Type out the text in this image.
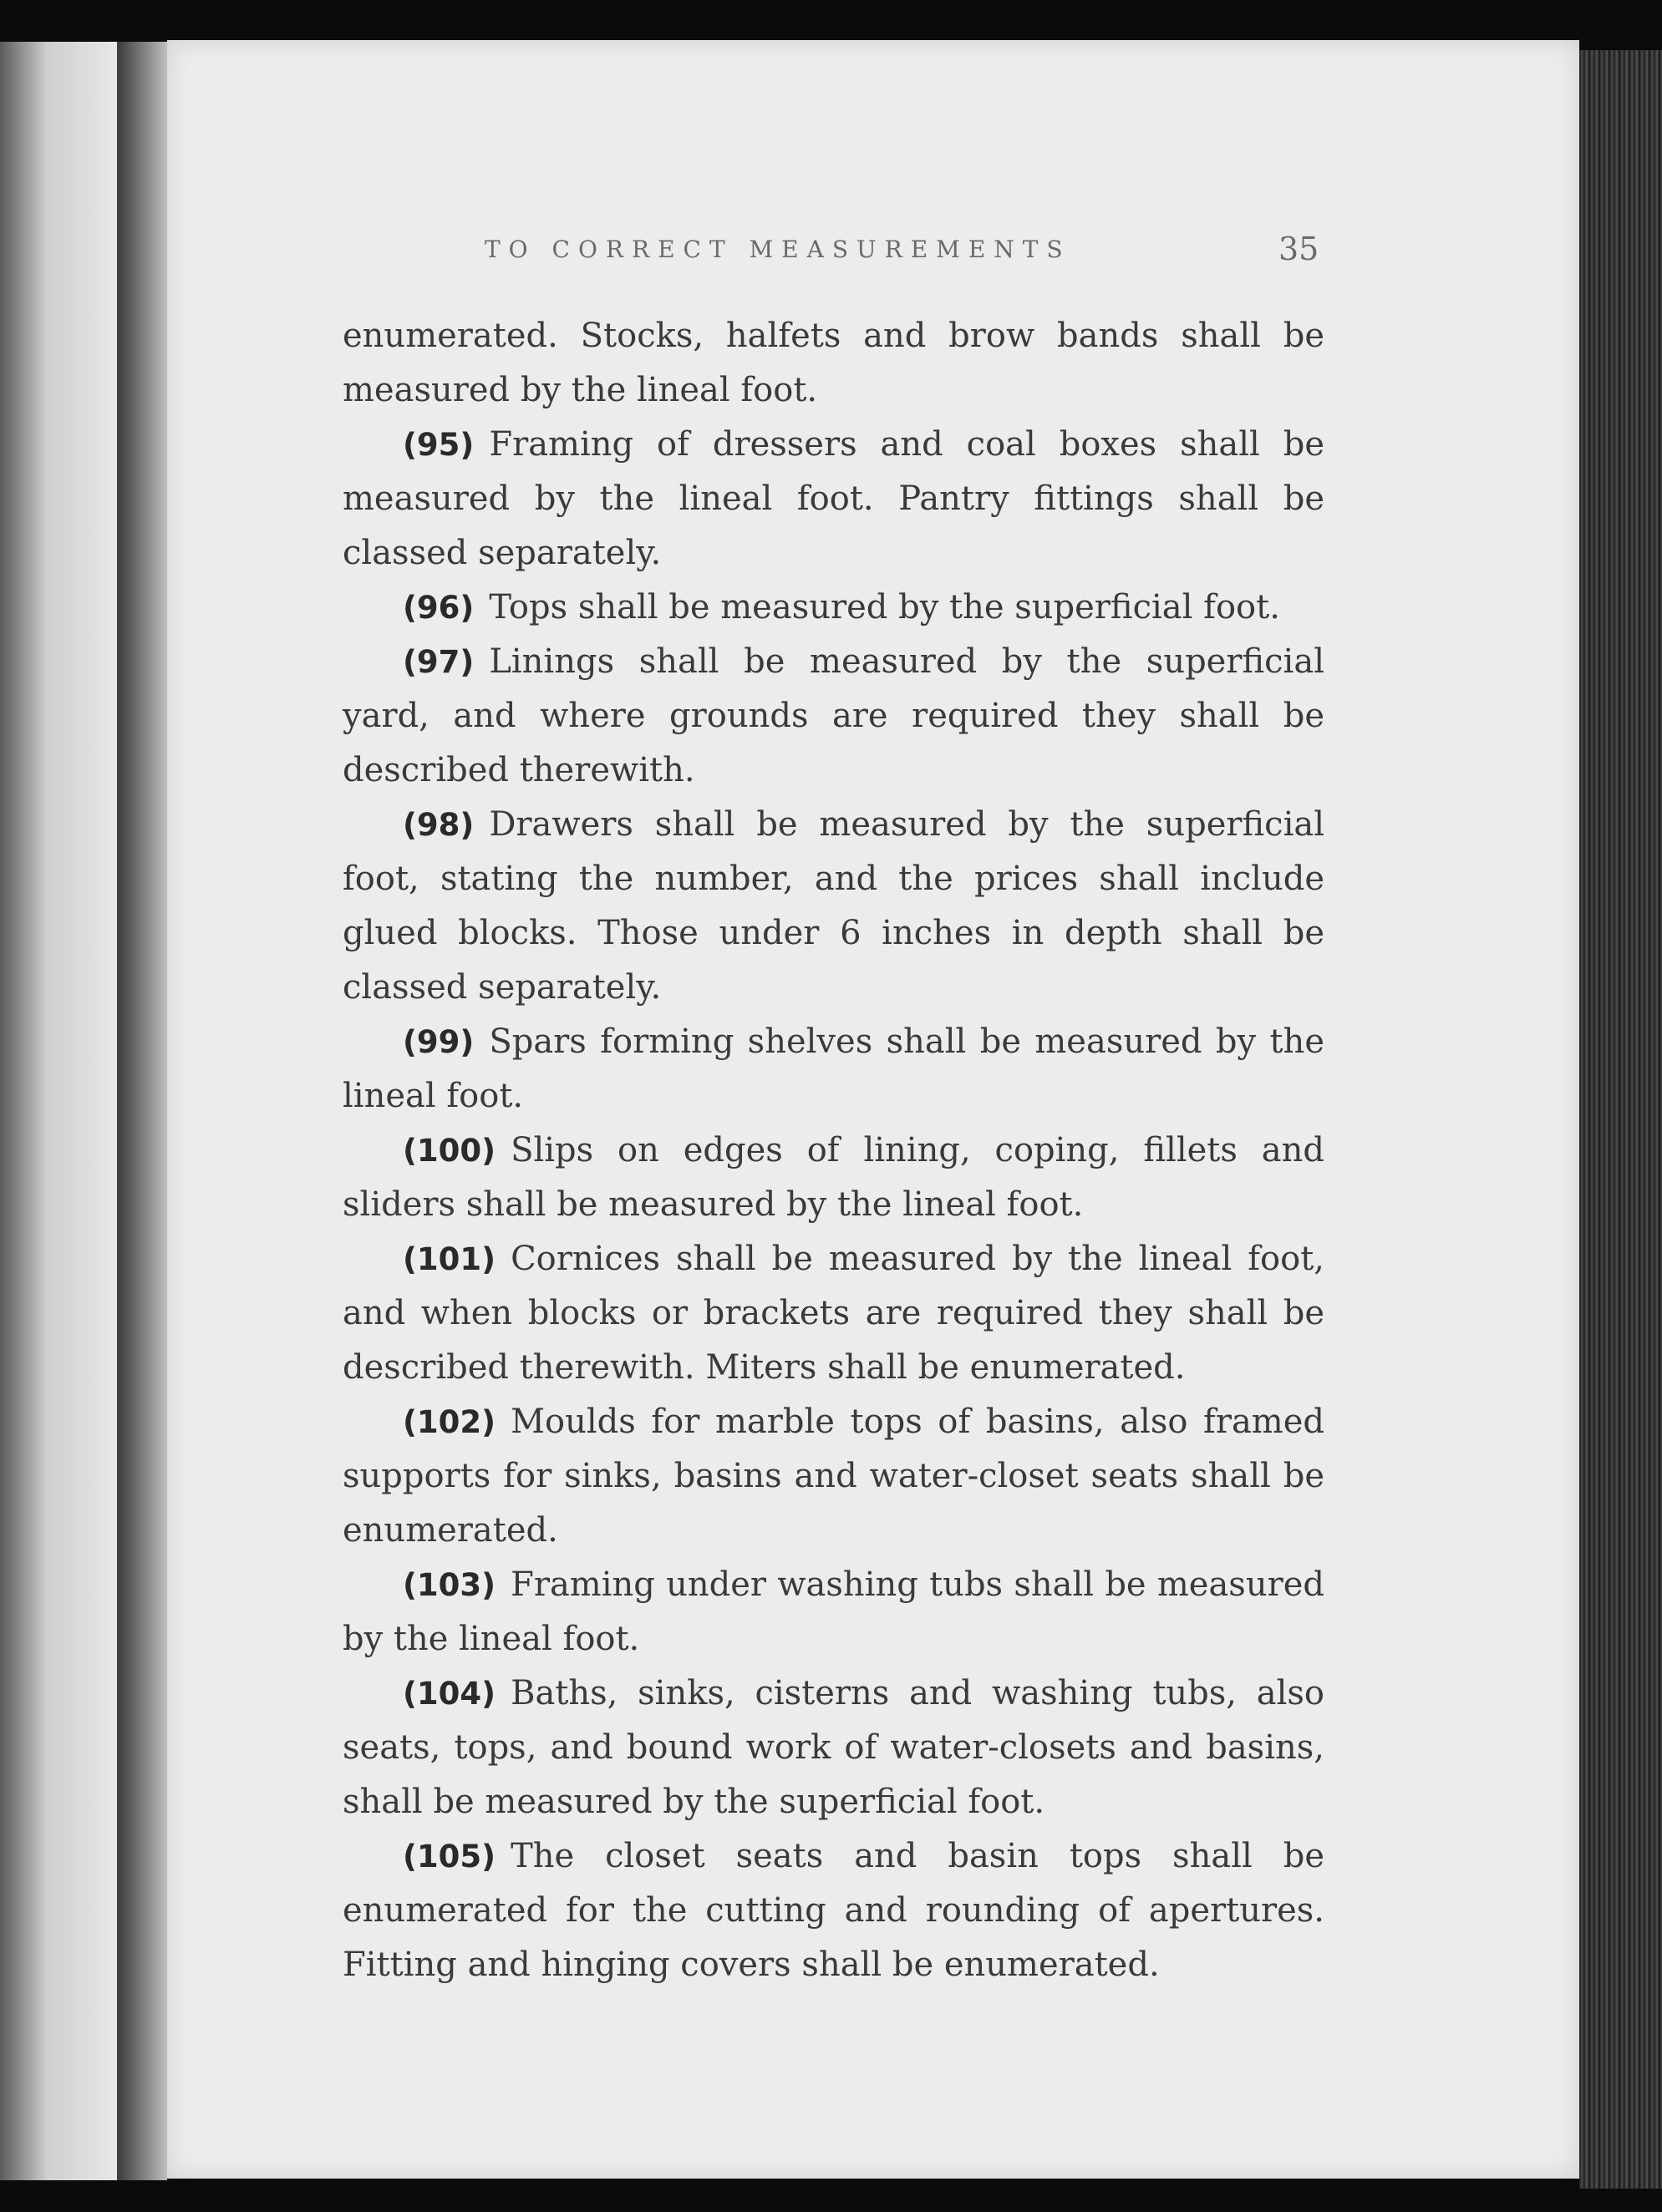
TO CORRECT MEASUREMENTS	35

enumerated. Stocks, halfets and brow bands shall be measured by the lineal foot.

(95) Framing of dressers and coal boxes shall be measured by the lineal foot. Pantry fittings shall be classed separately.

(96) Tops shall be measured by the superficial foot.

(97) Linings shall be measured by the superficial yard, and where grounds are required they shall be described therewith.

(98) Drawers shall be measured by the superficial foot, stating the number, and the prices shall include glued blocks. Those under 6 inches in depth shall be classed separately.

(99) Spars forming shelves shall be measured by the lineal foot.

(100) Slips on edges of lining, coping, fillets and sliders shall be measured by the lineal foot.

(101) Cornices shall be measured by the lineal foot, and when blocks or brackets are required they shall be described therewith. Miters shall be enumerated.

(102) Moulds for marble tops of basins, also framed supports for sinks, basins and water-closet seats shall be enumerated.

(103) Framing under washing tubs shall be measured by the lineal foot.

(104) Baths, sinks, cisterns and washing tubs, also seats, tops, and bound work of water-closets and basins, shall be measured by the superficial foot.

(105) The closet seats and basin tops shall be enumerated for the cutting and rounding of apertures. Fitting and hinging covers shall be enumerated.
